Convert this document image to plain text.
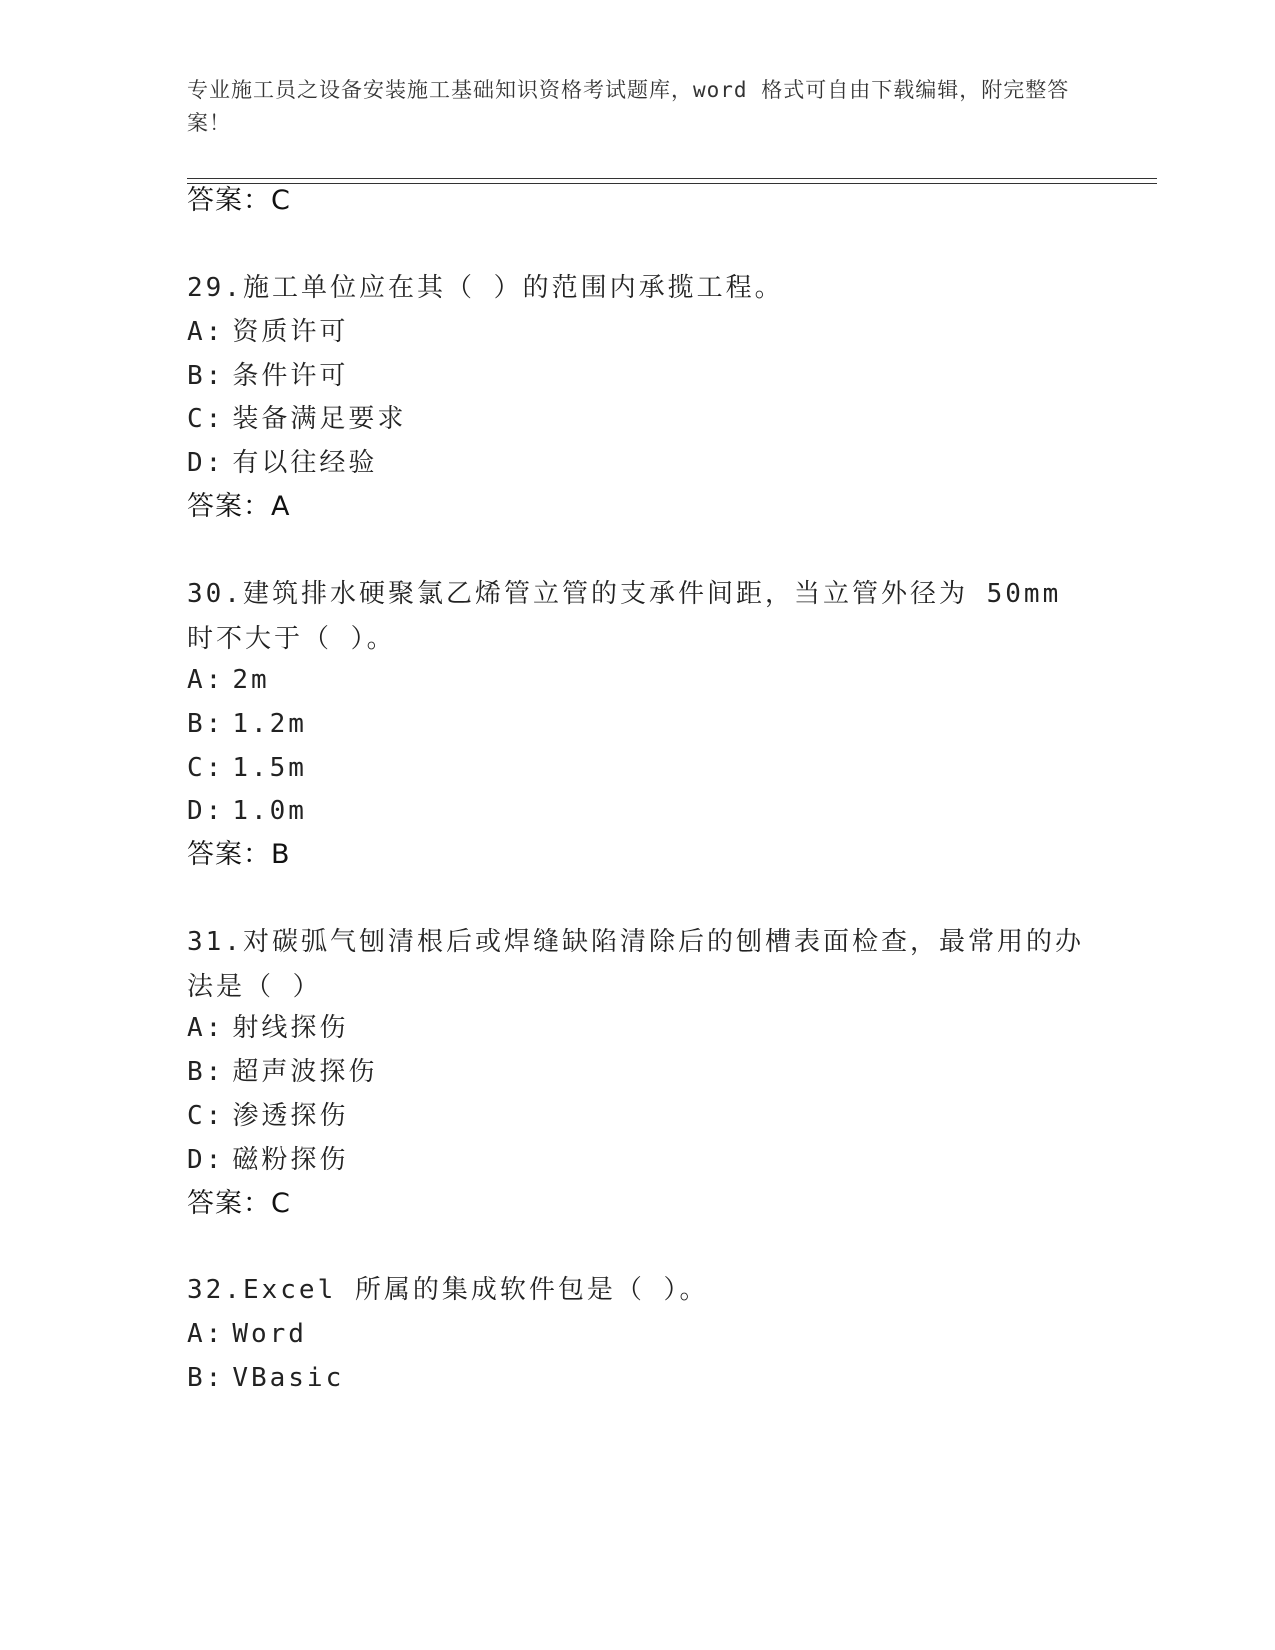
专业施工员之设备安装施工基础知识资格考试题库，word 格式可自由下载编辑，附完整答案！
答案：C
29.施工单位应在其（ ）的范围内承揽工程。
A: 资质许可
B: 条件许可
C: 装备满足要求
D: 有以往经验
答案：A
30.建筑排水硬聚氯乙烯管立管的支承件间距，当立管外径为 50mm 时不大于（ ）。
A: 2m
B: 1.2m
C: 1.5m
D: 1.0m
答案：B
31.对碳弧气刨清根后或焊缝缺陷清除后的刨槽表面检查，最常用的办法是（ ）
A: 射线探伤
B: 超声波探伤
C: 渗透探伤
D: 磁粉探伤
答案：C
32.Excel 所属的集成软件包是（ ）。
A: Word
B: VBasic
